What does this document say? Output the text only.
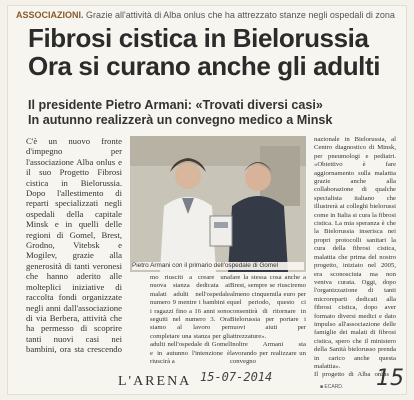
ASSOCIAZIONI. Grazie all'attività di Alba onlus che ha attrezzato stanze negli ospedali di zona
Fibrosi cistica in Bielorussia
Ora si curano anche gli adulti
Il presidente Pietro Armani: «Trovati diversi casi»
In autunno realizzerà un convegno medico a Minsk

C'è un nuovo fronte d'impegno per l'associazione Alba onlus e il suo Progetto Fibrosi cistica in Bielorussia. Dopo l'allestimento di reparti specializzati negli ospedali della capitale Minsk e in quelli delle regioni di Gomel, Brest, Grodno, Vitebsk e Mogilev, grazie alla generosità di tanti veronesi che hanno aderito alle molteplici iniziative di raccolta fondi organizzate negli anni dall'associazione di via Berbera, attività che ha permesso di scoprire tanti nuovi casi nei bambini, ora sta crescendo

Pietro Armani con il primario dell'ospedale di Gomel

mo riusciti a creare una nuova stanza dedicata ai malati adulti nell'ospedale numero 9 mentre i bambini e i ragazzi fino a 16 anni sono seguiti nel numero 3. Ora siamo al lavoro per completare una stanza per gli adulti nell'ospedale di Gomel e in autunno l'intenzione è riuscirà a

fare la stessa cosa anche a Brest, sempre se riusciremo almeno cinquemila euro per quel periodo, questo ci consentirà di ritornare in Bielorussia per portare i nuovi aiuti per attrezzature».

Inoltre Armani sta lavorando per realizzare un convegno

nazionale in Bielorussia, al Centro diagnostico di Minsk, per pneumologi e pediatri. «Obiettivo è fare aggiornamento sulla malattia grazie anche alla collaborazione di qualche specialista italiano che illustrerà ai colleghi bielorussi come in Italia si cura la fibrosi cistica. La mia speranza è che la Bielorussia inserisca nei propri protocolli sanitari la cura della fibrosi cistica, malattia che prima del nostro progetto, iniziato nel 2005, era sconosciuta ma non veniva curata. Oggi, dopo l'organizzazione di tanti microreparti dedicati alla fibrosi cistica, dopo aver formato diversi medici e dato impulso all'associazione delle famiglie dei malati di fibrosi cistica, spero che il ministero della Sanità bielorusso prenda in carico anche questa malattia».

Il progetto di Alba onlus è

L'ARENA 15-07-2014
■ ECARD. 15
